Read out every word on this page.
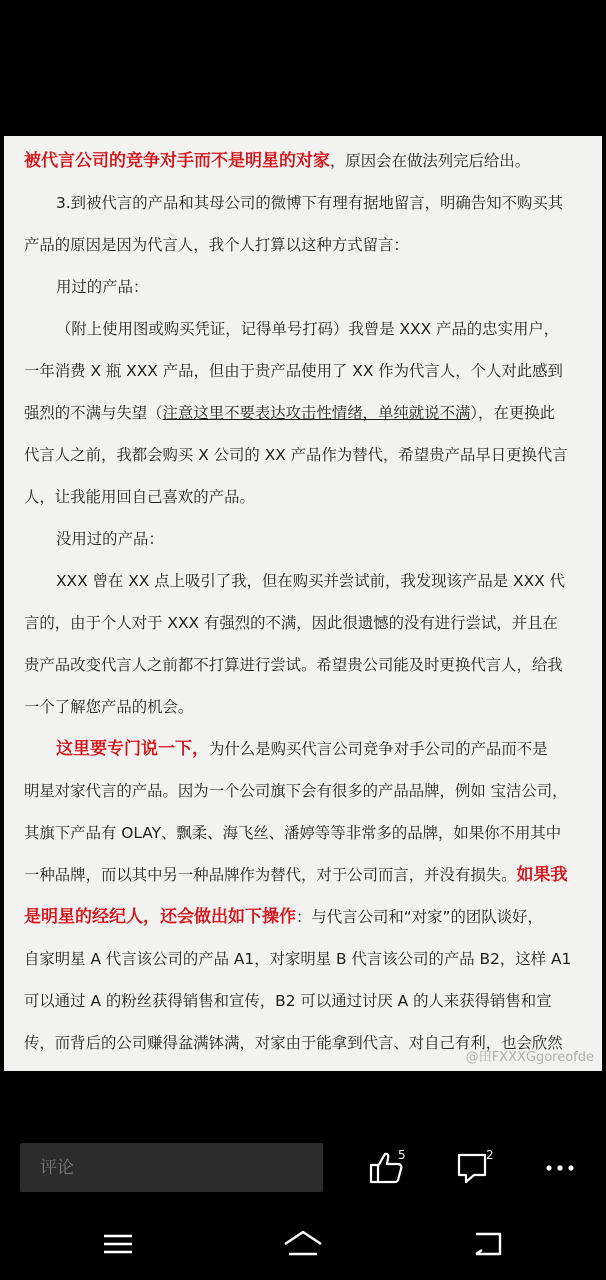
被代言公司的竞争对手而不是明星的对家，原因会在做法列完后给出。
3.到被代言的产品和其母公司的微博下有理有据地留言，明确告知不购买其
产品的原因是因为代言人，我个人打算以这种方式留言：
用过的产品：
（附上使用图或购买凭证，记得单号打码）我曾是 XXX 产品的忠实用户，
一年消费 X 瓶 XXX 产品，但由于贵产品使用了 XX 作为代言人，个人对此感到
强烈的不满与失望（注意这里不要表达攻击性情绪，单纯就说不满），在更换此
代言人之前，我都会购买 X 公司的 XX 产品作为替代，希望贵产品早日更换代言
人，让我能用回自己喜欢的产品。
没用过的产品：
XXX 曾在 XX 点上吸引了我，但在购买并尝试前，我发现该产品是 XXX 代
言的，由于个人对于 XXX 有强烈的不满，因此很遗憾的没有进行尝试，并且在
贵产品改变代言人之前都不打算进行尝试。希望贵公司能及时更换代言人，给我
一个了解您产品的机会。
这里要专门说一下，为什么是购买代言公司竞争对手公司的产品而不是
明星对家代言的产品。因为一个公司旗下会有很多的产品品牌，例如 宝洁公司，
其旗下产品有 OLAY、飘柔、海飞丝、潘婷等等非常多的品牌，如果你不用其中
一种品牌，而以其中另一种品牌作为替代，对于公司而言，并没有损失。如果我
是明星的经纪人，还会做出如下操作：与代言公司和“对家”的团队谈好，
自家明星 A 代言该公司的产品 A1，对家明星 B 代言该公司的产品 B2，这样 A1
可以通过 A 的粉丝获得销售和宣传，B2 可以通过讨厌 A 的人来获得销售和宣
传，而背后的公司赚得盆满钵满，对家由于能拿到代言、对自己有利，也会欣然
@田FXXXGgoreofde
评论
5	2
